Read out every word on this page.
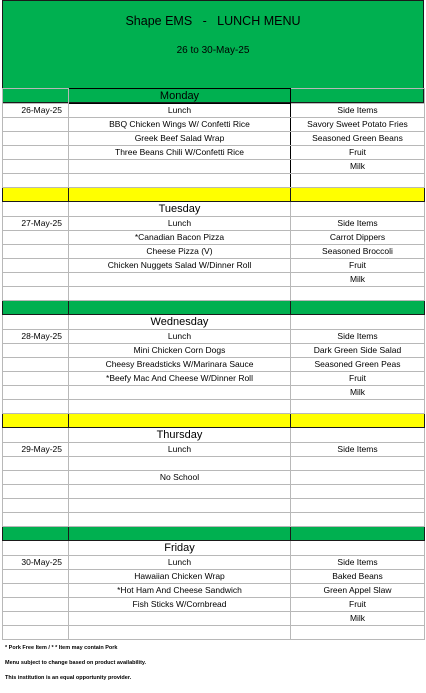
Shape EMS   -   LUNCH MENU
26 to 30-May-25
	Monday	
26-May-25	Lunch	Side Items
	BBQ Chicken Wings W/ Confetti Rice	Savory Sweet Potato Fries
	Greek Beef Salad Wrap	Seasoned Green Beans
	Three Beans Chili W/Confetti Rice	Fruit
		Milk

	Tuesday	
27-May-25	Lunch	Side Items
	*Canadian Bacon Pizza	Carrot Dippers
	Cheese Pizza (V)	Seasoned Broccoli
	Chicken Nuggets Salad W/Dinner Roll	Fruit
		Milk

	Wednesday	
28-May-25	Lunch	Side Items
	Mini Chicken Corn Dogs	Dark Green Side Salad
	Cheesy Breadsticks W/Marinara Sauce	Seasoned Green Peas
	*Beefy Mac And Cheese W/Dinner Roll	Fruit
		Milk

	Thursday	
29-May-25	Lunch	Side Items

	No School	

	Friday	
30-May-25	Lunch	Side Items
	Hawaiian Chicken Wrap	Baked Beans
	*Hot Ham And Cheese Sandwich	Green Appel Slaw
	Fish Sticks W/Cornbread	Fruit
		Milk

* Pork Free Item / * * Item may contain Pork
Menu subject to change based on product availability.
This institution is an equal opportunity provider.
